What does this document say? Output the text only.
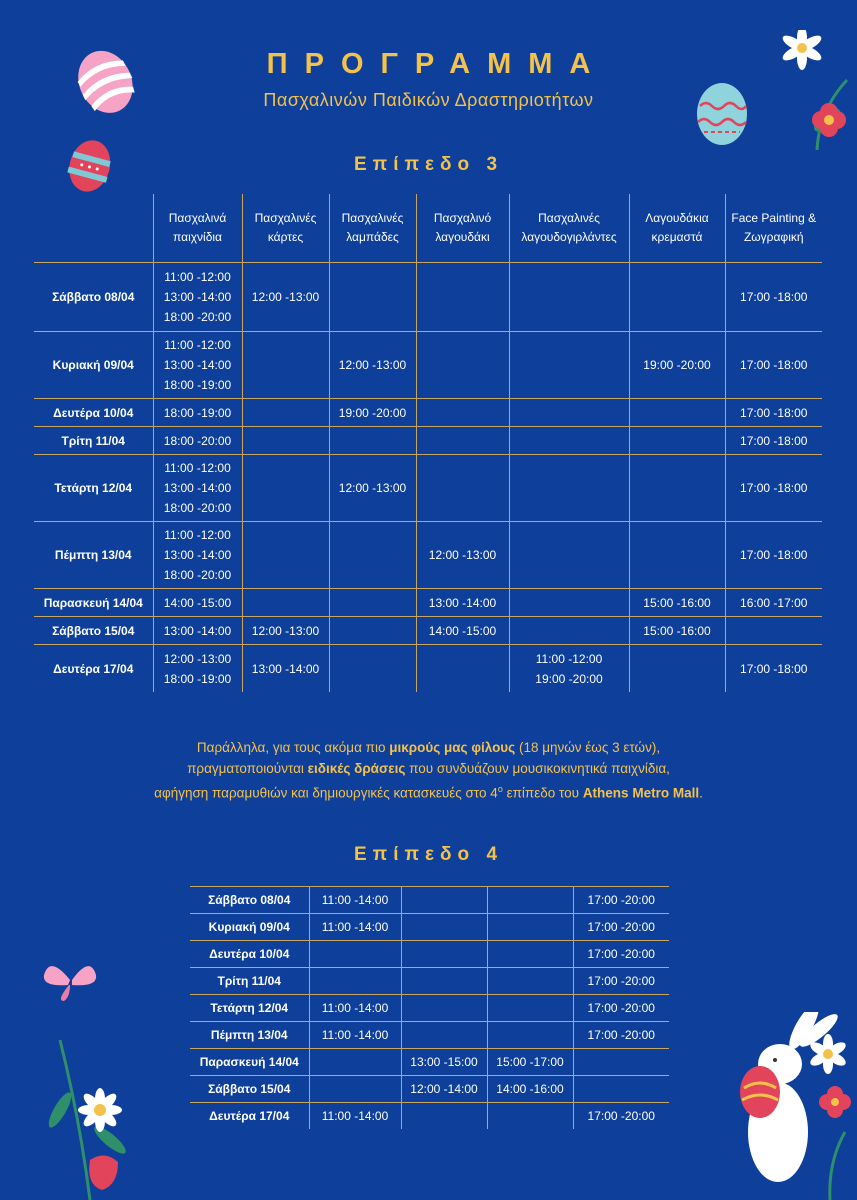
ΠΡΟΓΡΑΜΜΑ
Πασχαλινών Παιδικών Δραστηριοτήτων
Επίπεδο 3
	Πασχαλινά παιχνίδια	Πασχαλινές κάρτες	Πασχαλινές λαμπάδες	Πασχαλινό λαγουδάκι	Πασχαλινές λαγουδογιρλάντες	Λαγουδάκια κρεμαστά	Face Painting & Ζωγραφική
Σάββατο 08/04	11:00 -12:00
13:00 -14:00
18:00 -20:00	12:00 -13:00					17:00 -18:00
Κυριακή 09/04	11:00 -12:00
13:00 -14:00
18:00 -19:00		12:00 -13:00			19:00 -20:00	17:00 -18:00
Δευτέρα 10/04	18:00 -19:00		19:00 -20:00				17:00 -18:00
Τρίτη 11/04	18:00 -20:00						17:00 -18:00
Τετάρτη 12/04	11:00 -12:00
13:00 -14:00
18:00 -20:00		12:00 -13:00				17:00 -18:00
Πέμπτη 13/04	11:00 -12:00
13:00 -14:00
18:00 -20:00			12:00 -13:00			17:00 -18:00
Παρασκευή 14/04	14:00 -15:00			13:00 -14:00		15:00 -16:00	16:00 -17:00
Σάββατο 15/04	13:00 -14:00	12:00 -13:00		14:00 -15:00		15:00 -16:00	
Δευτέρα 17/04	12:00 -13:00
18:00 -19:00	13:00 -14:00			11:00 -12:00
19:00 -20:00		17:00 -18:00
Παράλληλα, για τους ακόμα πιο μικρούς μας φίλους (18 μηνών έως 3 ετών),
πραγματοποιούνται ειδικές δράσεις που συνδυάζουν μουσικοκινητικά παιχνίδια,
αφήγηση παραμυθιών και δημιουργικές κατασκευές στο $4^o$ επίπεδο του Athens Metro Mall.
Επίπεδο 4
Σάββατο 08/04	11:00 -14:00			17:00 -20:00
Κυριακή 09/04	11:00 -14:00			17:00 -20:00
Δευτέρα 10/04				17:00 -20:00
Τρίτη 11/04				17:00 -20:00
Τετάρτη 12/04	11:00 -14:00			17:00 -20:00
Πέμπτη 13/04	11:00 -14:00			17:00 -20:00
Παρασκευή 14/04		13:00 -15:00	15:00 -17:00	
Σάββατο 15/04		12:00 -14:00	14:00 -16:00	
Δευτέρα 17/04	11:00 -14:00			17:00 -20:00
